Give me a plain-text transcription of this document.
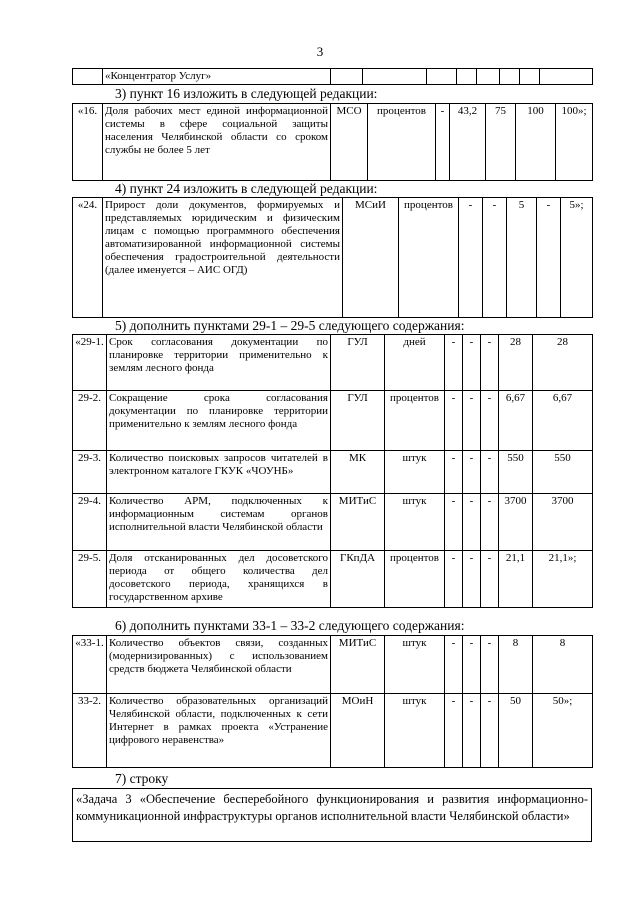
3
	«Концентратор Услуг»								
3) пункт 16 изложить в следующей редакции:
«16.	Доля рабочих мест единой информационной системы в сфере социальной защиты населения Челябинской области со сроком службы не более 5 лет	МСО	процентов	-	43,2	75	100	100»;
4) пункт 24 изложить в следующей редакции:
«24.	Прирост доли документов, формируемых и представляемых юридическим и физическим лицам с помощью программного обеспечения автоматизированной информационной системы обеспечения градостроительной деятельности (далее именуется – АИС ОГД)	МСиИ	процентов	-	-	5	-	5»;
5) дополнить пунктами 29-1 – 29-5 следующего содержания:
«29-1.	Срок согласования документации по планировке территории применительно к землям лесного фонда	ГУЛ	дней	-	-	-	28	28
29-2.	Сокращение срока согласования документации по планировке территории применительно к землям лесного фонда	ГУЛ	процентов	-	-	-	6,67	6,67
29-3.	Количество поисковых запросов читателей в электронном каталоге ГКУК «ЧОУНБ»	МК	штук	-	-	-	550	550
29-4.	Количество АРМ, подключенных к информационным системам органов исполнительной власти Челябинской области	МИТиС	штук	-	-	-	3700	3700
29-5.	Доля отсканированных дел досоветского периода от общего количества дел досоветского периода, хранящихся в государственном архиве	ГКпДА	процентов	-	-	-	21,1	21,1»;
6) дополнить пунктами 33-1 – 33-2 следующего содержания:
«33-1.	Количество объектов связи, созданных (модернизированных) с использованием средств бюджета Челябинской области	МИТиС	штук	-	-	-	8	8
33-2.	Количество образовательных организаций Челябинской области, подключенных к сети Интернет в рамках проекта «Устранение цифрового неравенства»	МОиН	штук	-	-	-	50	50»;
7) строку
«Задача 3 «Обеспечение бесперебойного функционирования и развития информационно-коммуникационной инфраструктуры органов исполнительной власти Челябинской области»
